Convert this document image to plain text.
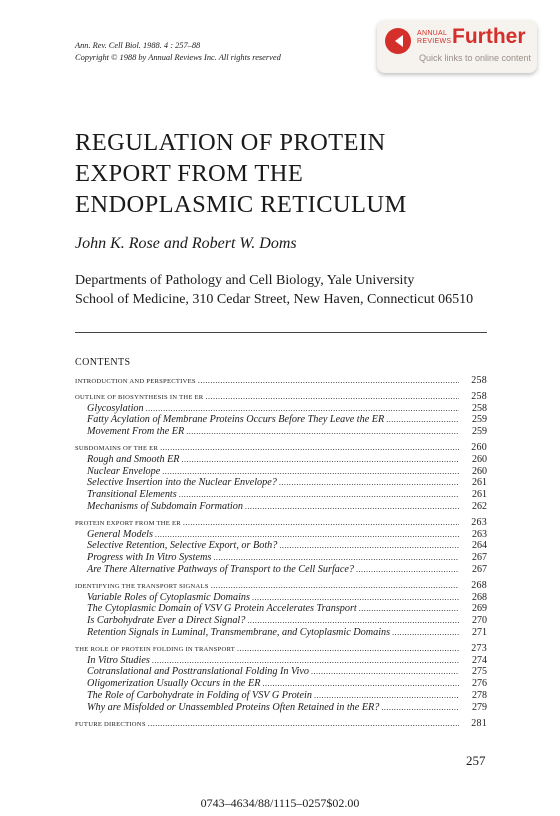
Ann. Rev. Cell Biol. 1988. 4 : 257–88
Copyright © 1988 by Annual Reviews Inc. All rights reserved
ANNUAL
REVIEWS Further
Quick links to online content
REGULATION OF PROTEIN
EXPORT FROM THE
ENDOPLASMIC RETICULUM
John K. Rose and Robert W. Doms
Departments of Pathology and Cell Biology, Yale University
School of Medicine, 310 Cedar Street, New Haven, Connecticut 06510
CONTENTS
INTRODUCTION AND PERSPECTIVES .....	258
OUTLINE OF BIOSYNTHESIS IN THE ER .....	258
Glycosylation .....	258
Fatty Acylation of Membrane Proteins Occurs Before They Leave the ER .....	259
Movement From the ER .....	259
SUBDOMAINS OF THE ER .....	260
Rough and Smooth ER .....	260
Nuclear Envelope .....	260
Selective Insertion into the Nuclear Envelope? .....	261
Transitional Elements .....	261
Mechanisms of Subdomain Formation .....	262
PROTEIN EXPORT FROM THE ER .....	263
General Models .....	263
Selective Retention, Selective Export, or Both? .....	264
Progress with In Vitro Systems .....	267
Are There Alternative Pathways of Transport to the Cell Surface? .....	267
IDENTIFYING THE TRANSPORT SIGNALS .....	268
Variable Roles of Cytoplasmic Domains .....	268
The Cytoplasmic Domain of VSV G Protein Accelerates Transport .....	269
Is Carbohydrate Ever a Direct Signal? .....	270
Retention Signals in Luminal, Transmembrane, and Cytoplasmic Domains .....	271
THE ROLE OF PROTEIN FOLDING IN TRANSPORT .....	273
In Vitro Studies .....	274
Cotranslational and Posttranslational Folding In Vivo .....	275
Oligomerization Usually Occurs in the ER .....	276
The Role of Carbohydrate in Folding of VSV G Protein .....	278
Why are Misfolded or Unassembled Proteins Often Retained in the ER? .....	279
FUTURE DIRECTIONS .....	281
257
0743–4634/88/1115–0257$02.00
